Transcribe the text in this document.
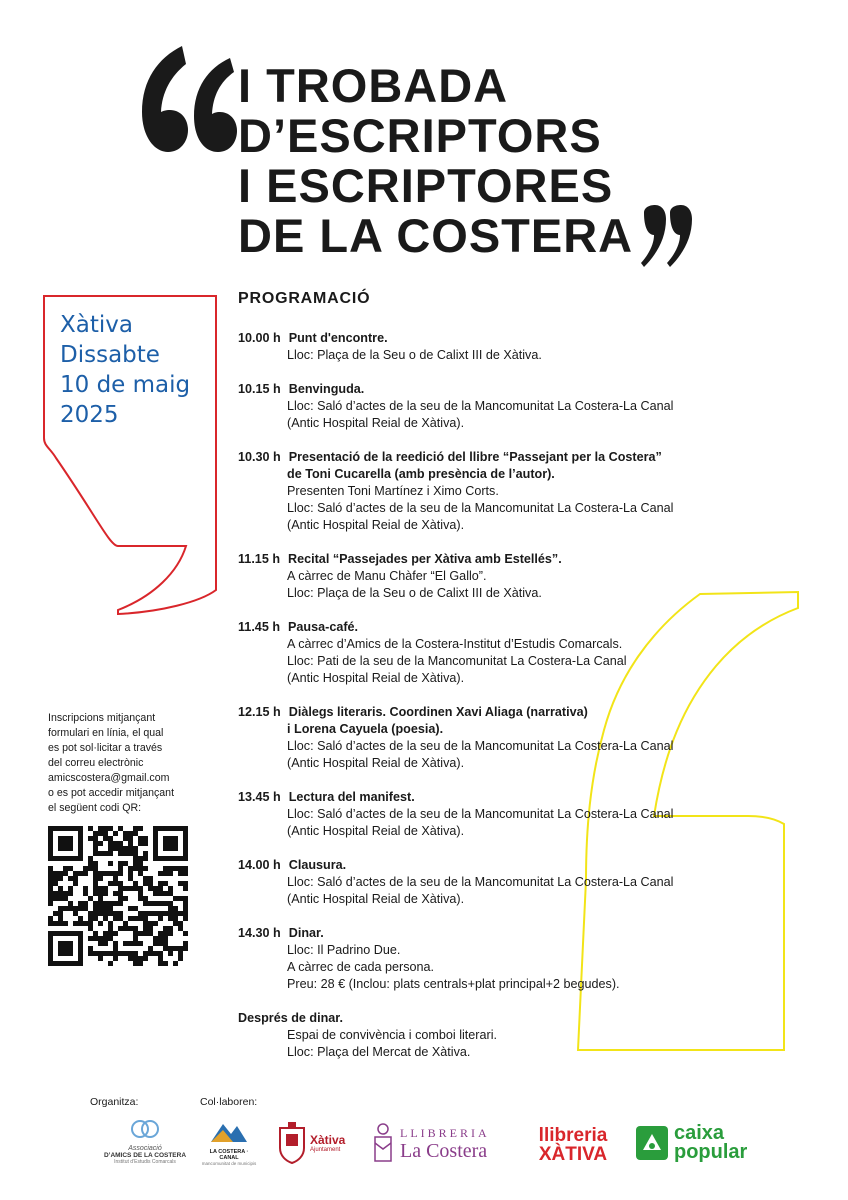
I TROBADA
D’ESCRIPTORS
I ESCRIPTORES
DE LA COSTERA
Xàtiva
Dissabte
10 de maig
2025
PROGRAMACIÓ
10.00 h Punt d'encontre.
Lloc: Plaça de la Seu o de Calixt III de Xàtiva.
10.15 h Benvinguda.
Lloc: Saló d’actes de la seu de la Mancomunitat La Costera-La Canal
(Antic Hospital Reial de Xàtiva).
10.30 h Presentació de la reedició del llibre “Passejant per la Costera”
de Toni Cucarella (amb presència de l’autor).
Presenten Toni Martínez i Ximo Corts.
Lloc: Saló d’actes de la seu de la Mancomunitat La Costera-La Canal
(Antic Hospital Reial de Xàtiva).
11.15 h Recital “Passejades per Xàtiva amb Estellés”.
A càrrec de Manu Chàfer “El Gallo”.
Lloc: Plaça de la Seu o de Calixt III de Xàtiva.
11.45 h Pausa-café.
A càrrec d’Amics de la Costera-Institut d’Estudis Comarcals.
Lloc: Pati de la seu de la Mancomunitat La Costera-La Canal
(Antic Hospital Reial de Xàtiva).
12.15 h Diàlegs literaris. Coordinen Xavi Aliaga (narrativa)
i Lorena Cayuela (poesia).
Lloc: Saló d’actes de la seu de la Mancomunitat La Costera-La Canal
(Antic Hospital Reial de Xàtiva).
13.45 h Lectura del manifest.
Lloc: Saló d’actes de la seu de la Mancomunitat La Costera-La Canal
(Antic Hospital Reial de Xàtiva).
14.00 h Clausura.
Lloc: Saló d’actes de la seu de la Mancomunitat La Costera-La Canal
(Antic Hospital Reial de Xàtiva).
14.30 h Dinar.
Lloc: Il Padrino Due.
A càrrec de cada persona.
Preu: 28 € (Inclou: plats centrals+plat principal+2 begudes).
Després de dinar.
Espai de convivència i comboi literari.
Lloc: Plaça del Mercat de Xàtiva.
Inscripcions mitjançant
formulari en línia, el qual
es pot sol·licitar a través
del correu electrònic
amicscostera@gmail.com
o es pot accedir mitjançant
el següent codi QR:
Organitza:	Col·laboren:
Associació
D’AMICS DE LA COSTERA
Institut d’Estudis Comarcals
LA COSTERA · CANAL
mancomunitat de municipis
Xàtiva
Ajuntament
LLIBRERIA
La Costera
llibreria
XÀTIVA
caixa
popular
